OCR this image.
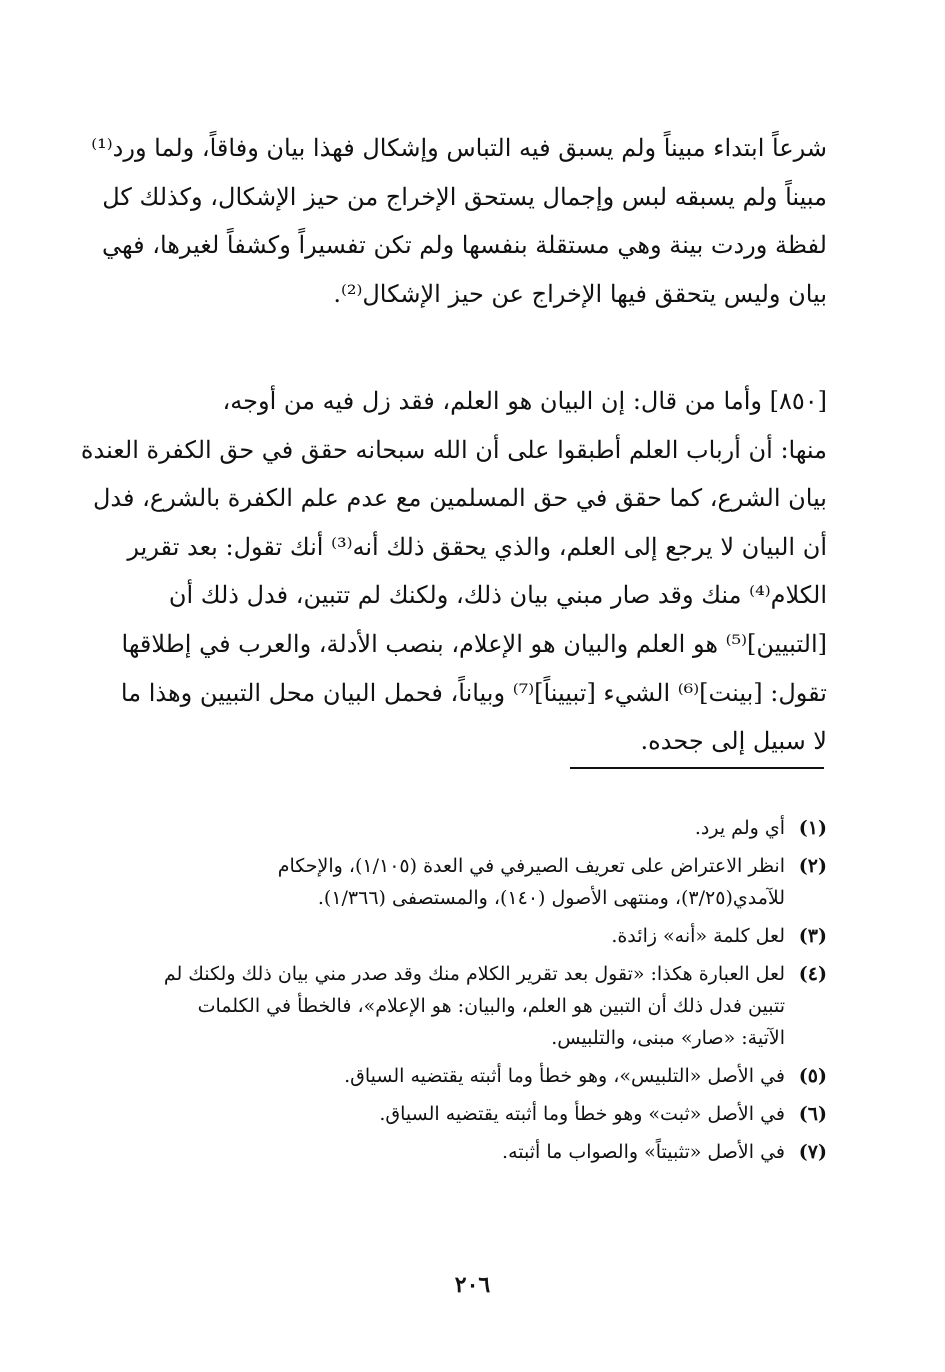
شرعاً ابتداء مبيناً ولم يسبق فيه التباس وإشكال فهذا بيان وفاقاً، ولما ورد⁽¹⁾
مبيناً ولم يسبقه لبس وإجمال يستحق الإخراج من حيز الإشكال، وكذلك كل
لفظة وردت بينة وهي مستقلة بنفسها ولم تكن تفسيراً وكشفاً لغيرها، فهي
بيان وليس يتحقق فيها الإخراج عن حيز الإشكال⁽²⁾.

[٨٥٠] وأما من قال: إن البيان هو العلم، فقد زل فيه من أوجه،
منها: أن أرباب العلم أطبقوا على أن الله سبحانه حقق في حق الكفرة العندة
بيان الشرع، كما حقق في حق المسلمين مع عدم علم الكفرة بالشرع، فدل
أن البيان لا يرجع إلى العلم، والذي يحقق ذلك أنه⁽³⁾ أنك تقول: بعد تقرير
الكلام⁽⁴⁾ منك وقد صار مبني بيان ذلك، ولكنك لم تتبين، فدل ذلك أن
[التبيين]⁽⁵⁾ هو العلم والبيان هو الإعلام، بنصب الأدلة، والعرب في إطلاقها
تقول: [بينت]⁽⁶⁾ الشيء [تبييناً]⁽⁷⁾ وبياناً، فحمل البيان محل التبيين وهذا ما
لا سبيل إلى جحده.

(١)
أي ولم يرد.
(٢)
انظر الاعتراض على تعريف الصيرفي في العدة (١/١٠٥)، والإحكام
للآمدي(٣/٢٥)، ومنتهى الأصول (١٤٠)، والمستصفى (١/٣٦٦).
(٣)
لعل كلمة «أنه» زائدة.
(٤)
لعل العبارة هكذا: «تقول بعد تقرير الكلام منك وقد صدر مني بيان ذلك ولكنك لم
تتبين فدل ذلك أن التبين هو العلم، والبيان: هو الإعلام»، فالخطأ في الكلمات
الآتية: «صار» مبنى، والتلبيس.
(٥)
في الأصل «التلبيس»، وهو خطأ وما أثبته يقتضيه السياق.
(٦)
في الأصل «ثبت» وهو خطأ وما أثبته يقتضيه السياق.
(٧)
في الأصل «تثبيتاً» والصواب ما أثبته.
٢٠٦
